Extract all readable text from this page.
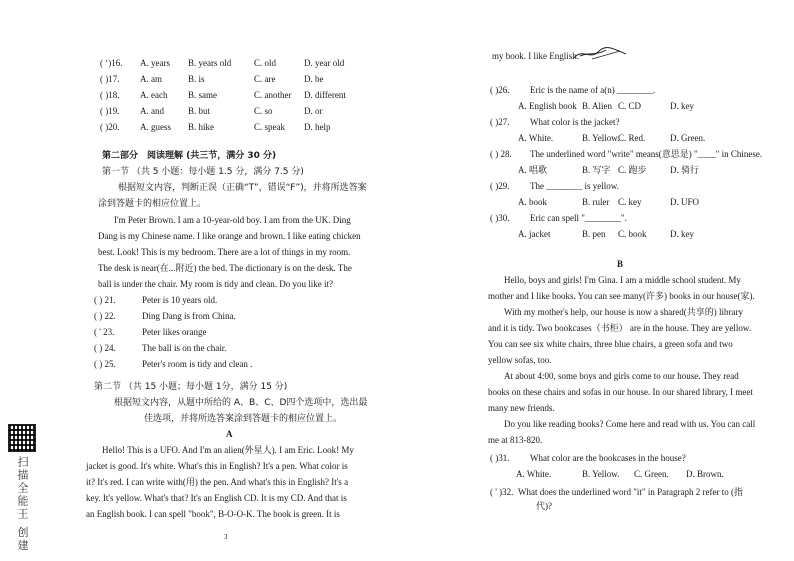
( ‘)16. A. years B. years old	C. old	D. year old
( )17. A. am	B. is	C. are	D. be
( )18. A. each B. same	C. another D. different
( )19. A. and	B. but	C. so	D. or
( )20. A. guess B. hike	C. speak D. help
第二部分　阅读理解 (共三节，满分 30 分)
第一节 （共 5 小题：每小题 1.5 分，满分 7.5 分)
根据短文内容，判断正误（正确“T”，错误“F”)，并将所选答案
涂到答题卡的相应位置上。
I'm Peter Brown. I am a 10-year-old boy. I am from the UK. Ding
Dang is my Chinese name. I like orange and brown. I like eating chicken
best. Look! This is my bedroom. There are a lot of things in my room.
The desk is near(在...附近) the bed. The dictionary is on the desk. The
ball is under the chair. My room is tidy and clean. Do you like it?
( ) 21.	Peter is 10 years old.
( ) 22.	Ding Dang is from China.
( ' 23.	Peter likes orange
( ) 24.	The ball is on the chair.
( ) 25.	Peter's room is tidy and clean .
第二节 （共 15 小题；每小题 1分，满分 15 分)
根据短文内容，从题中所给的 A、B、C、D四个选项中，选出最
佳选项，并将所选答案涂到答题卡的相应位置上。
A
Hello! This is a UFO. And I'm an alien(外星人). I am Eric. Look! My
jacket is good. It's white. What's this in English? It's a pen. What color is
it? It's red. I can write with(用) the pen. And what's this in English? It's a
key. It's yellow. What's that? It's an English CD. It is my CD. And that is
an English book. I can spell "book", B-O-O-K. The book is green. It is
3
扫描全能王 创建
my book. I like English.
( )26. Eric is the name of a(n) ________.
A. English book B. Alien C. CD	D. key
( )27. What color is the jacket?
A. White.	B. Yellow.
C. Red.	D. Green.
( ) 28. The underlined word "write" means(意思是) "____" in Chinese.
A. 唱歌	B. 写字 C. 跑步	D. 骑行
( )29. The ________ is yellow.
A. book	B. ruler C. key	D. UFO
( )30. Eric can spell "________".
A. jacket	B. pen C. book	D. key
B
Hello, boys and girls! I'm Gina. I am a middle school student. My
mother and I like books. You can see many(许多) books in our house(家).
With my mother's help, our house is now a shared(共享的) library
and it is tidy. Two bookcases（书柜） are in the house. They are yellow.
You can see six white chairs, three blue chairs, a green sofa and two
yellow sofas, too.
At about 4:00, some boys and girls come to our house. They read
books on these chairs and sofas in our house. In our shared library, I meet
many new friends.
Do you like reading books? Come here and read with us. You can call
me at 813-820.
( )31. What color are the bookcases in the house?
A. White.	B. Yellow. C. Green. D. Brown.
( ' )32. What does the underlined word "it" in Paragraph 2 refer to (指
代)?
